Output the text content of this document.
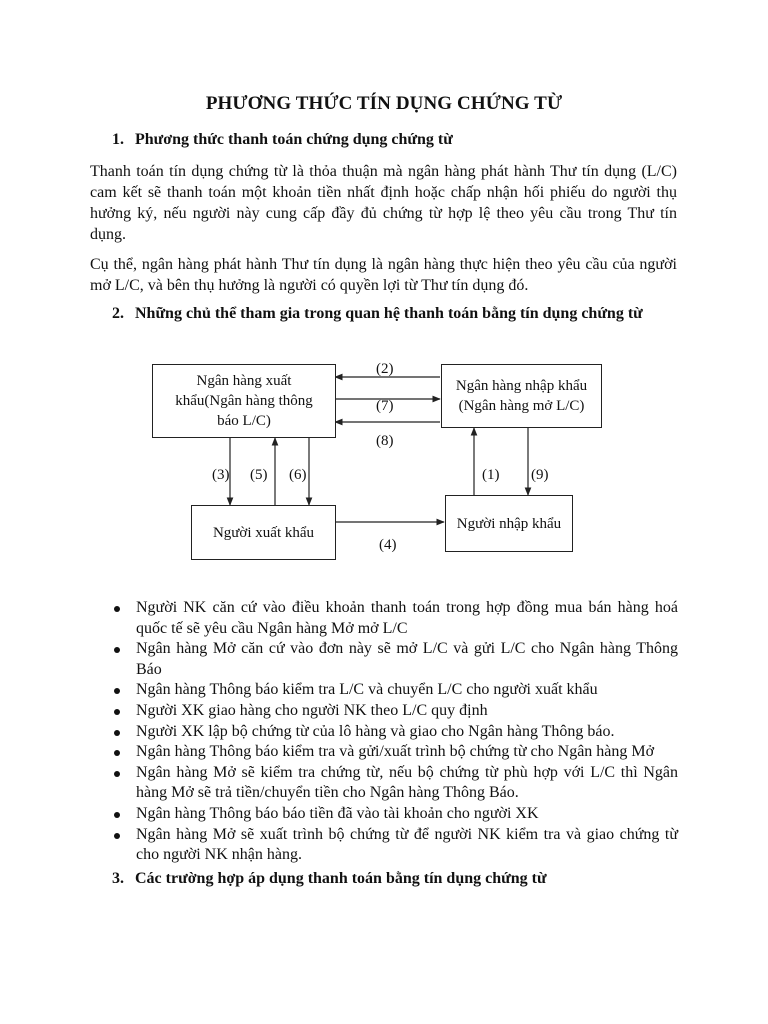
PHƯƠNG THỨC TÍN DỤNG CHỨNG TỪ
1. Phương thức thanh toán chứng dụng chứng từ
Thanh toán tín dụng chứng từ là thỏa thuận mà ngân hàng phát hành Thư tín dụng (L/C) cam kết sẽ thanh toán một khoản tiền nhất định hoặc chấp nhận hối phiếu do người thụ hưởng ký, nếu người này cung cấp đầy đủ chứng từ hợp lệ theo yêu cầu trong Thư tín dụng.
Cụ thể, ngân hàng phát hành Thư tín dụng là ngân hàng thực hiện theo yêu cầu của người mở L/C, và bên thụ hưởng là người có quyền lợi từ Thư tín dụng đó.
2. Những chủ thể tham gia trong quan hệ thanh toán bằng tín dụng chứng từ
Ngân hàng xuất khẩu(Ngân hàng thông báo L/C)
Ngân hàng nhập khẩu (Ngân hàng mở L/C)
Người xuất khẩu
Người nhập khẩu
(2)
(7)
(8)
(3) (5) (6)	(1) (9)
(4)
Người NK căn cứ vào điều khoản thanh toán trong hợp đồng mua bán hàng hoá quốc tế sẽ yêu cầu Ngân hàng Mở mở L/C
Ngân hàng Mở căn cứ vào đơn này sẽ mở L/C và gửi L/C cho Ngân hàng Thông Báo
Ngân hàng Thông báo kiểm tra L/C và chuyển L/C cho người xuất khẩu
Người XK giao hàng cho người NK theo L/C quy định
Người XK lập bộ chứng từ của lô hàng và giao cho Ngân hàng Thông báo.
Ngân hàng Thông báo kiểm tra và gửi/xuất trình bộ chứng từ cho Ngân hàng Mở
Ngân hàng Mở sẽ kiểm tra chứng từ, nếu bộ chứng từ phù hợp với L/C thì Ngân hàng Mở sẽ trả tiền/chuyển tiền cho Ngân hàng Thông Báo.
Ngân hàng Thông báo báo tiền đã vào tài khoản cho người XK
Ngân hàng Mở sẽ xuất trình bộ chứng từ để người NK kiểm tra và giao chứng từ cho người NK nhận hàng.
3. Các trường hợp áp dụng thanh toán bằng tín dụng chứng từ
